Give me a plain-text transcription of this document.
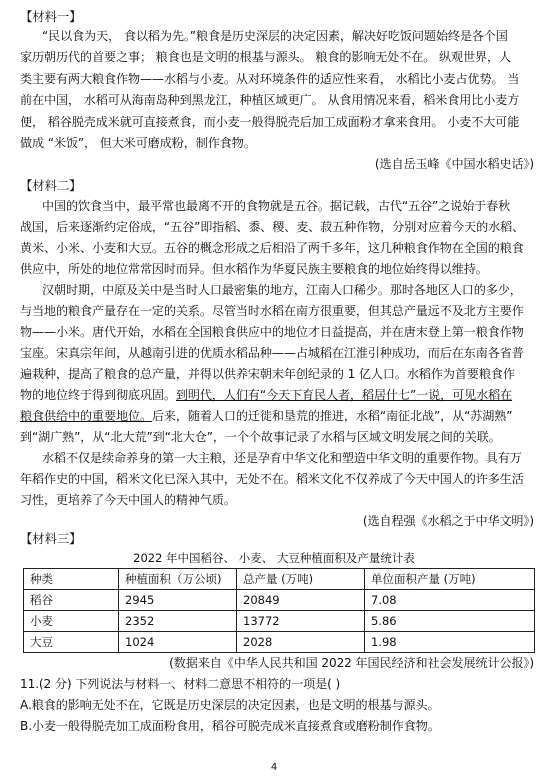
【材料一】
“民以食为天， 食以稻为先。”粮食是历史深层的决定因素，解决好吃饭问题始终是各个国
家历朝历代的首要之事； 粮食也是文明的根基与源头。 粮食的影响无处不在。 纵观世界，人
类主要有两大粮食作物——水稻与小麦。从对环境条件的适应性来看， 水稻比小麦占优势。 当
前在中国， 水稻可从海南岛种到黑龙江，种植区域更广。 从食用情况来看，稻米食用比小麦方
便， 稻谷脱壳成米就可直接煮食，而小麦一般得脱壳后加工成面粉才拿来食用。 小麦不大可能
做成 “米饭”， 但大米可磨成粉，制作食物。
(选自岳玉峰《中国水稻史话》)
【材料二】
中国的饮食当中，最平常也最离不开的食物就是五谷。据记载，古代“五谷”之说始于春秋
战国，后来逐渐约定俗成，“五谷”即指稻、黍、稷、麦、菽五种作物，分别对应着今天的水稻、
黄米、小米、小麦和大豆。五谷的概念形成之后相沿了两千多年，这几种粮食作物在全国的粮食
供应中，所处的地位常常因时而异。但水稻作为华夏民族主要粮食的地位始终得以维持。
汉朝时期，中原及关中是当时人口最密集的地方，江南人口稀少。那时各地区人口的多少，
与当地的粮食产量存在一定的关系。尽管当时水稻在南方很重要，但其总产量远不及北方主要作
物——小米。唐代开始，水稻在全国粮食供应中的地位才日益提高，并在唐末登上第一粮食作物
宝座。宋真宗年间，从越南引进的优质水稻品种——占城稻在江淮引种成功，而后在东南各省普
遍栽种，提高了粮食的总产量，并得以供养宋朝末年创纪录的 1 亿人口。水稻作为首要粮食作
物的地位终于得到彻底巩固。到明代，人们有“今天下育民人者，稻居什七”一说，可见水稻在
粮食供给中的重要地位。后来，随着人口的迁徙和垦荒的推进，水稻“南征北战”，从“苏湖熟”
到“湖广熟”，从“北大荒”到“北大仓”，一个个故事记录了水稻与区域文明发展之间的关联。
水稻不仅是续命养身的第一大主粮，还是孕育中华文化和塑造中华文明的重要作物。具有万
年稻作史的中国，稻米文化已深入其中，无处不在。稻米文化不仅养成了今天中国人的许多生活
习性，更培养了今天中国人的精神气质。
(选自程强《水稻之于中华文明》)
【材料三】
2022 年中国稻谷、 小麦、 大豆种植面积及产量统计表
种类	种植面积（万公顷)	总产量 (万吨)	单位面积产量 (万吨)
稻谷	2945	20849	7.08
小麦	2352	13772	5.86
大豆	1024	2028	1.98
(数据来自《中华人民共和国 2022 年国民经济和社会发展统计公报》)
11.(2 分) 下列说法与材料一、材料二意思不相符的一项是( )
A.粮食的影响无处不在，它既是历史深层的决定因素，也是文明的根基与源头。
B.小麦一般得脱壳加工成面粉食用，稻谷可脱壳成米直接煮食或磨粉制作食物。
4
